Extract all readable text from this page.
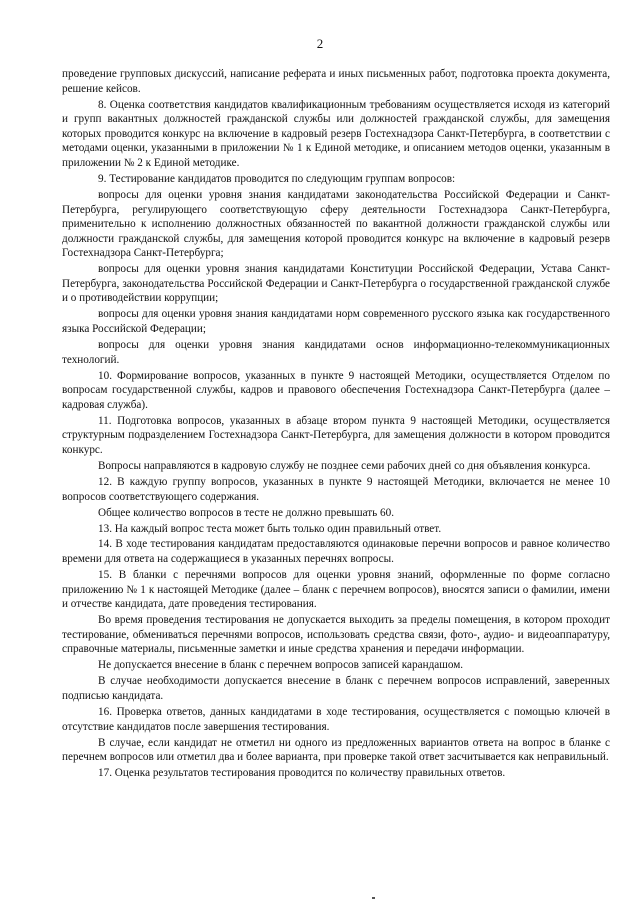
2

проведение групповых дискуссий, написание реферата и иных письменных работ, подготовка проекта документа, решение кейсов.

8. Оценка соответствия кандидатов квалификационным требованиям осуществляется исходя из категорий и групп вакантных должностей гражданской службы или должностей гражданской службы, для замещения которых проводится конкурс на включение в кадровый резерв Гостехнадзора Санкт-Петербурга, в соответствии с методами оценки, указанными в приложении № 1 к Единой методике, и описанием методов оценки, указанным в приложении № 2 к Единой методике.

9. Тестирование кандидатов проводится по следующим группам вопросов:

вопросы для оценки уровня знания кандидатами законодательства Российской Федерации и Санкт-Петербурга, регулирующего соответствующую сферу деятельности Гостехнадзора Санкт-Петербурга, применительно к исполнению должностных обязанностей по вакантной должности гражданской службы или должности гражданской службы, для замещения которой проводится конкурс на включение в кадровый резерв Гостехнадзора Санкт-Петербурга;

вопросы для оценки уровня знания кандидатами Конституции Российской Федерации, Устава Санкт-Петербурга, законодательства Российской Федерации и Санкт-Петербурга о государственной гражданской службе и о противодействии коррупции;

вопросы для оценки уровня знания кандидатами норм современного русского языка как государственного языка Российской Федерации;

вопросы для оценки уровня знания кандидатами основ информационно-телекоммуникационных технологий.

10. Формирование вопросов, указанных в пункте 9 настоящей Методики, осуществляется Отделом по вопросам государственной службы, кадров и правового обеспечения Гостехнадзора Санкт-Петербурга (далее – кадровая служба).

11. Подготовка вопросов, указанных в абзаце втором пункта 9 настоящей Методики, осуществляется структурным подразделением Гостехнадзора Санкт-Петербурга, для замещения должности в котором проводится конкурс.

Вопросы направляются в кадровую службу не позднее семи рабочих дней со дня объявления конкурса.

12. В каждую группу вопросов, указанных в пункте 9 настоящей Методики, включается не менее 10 вопросов соответствующего содержания.

Общее количество вопросов в тесте не должно превышать 60.

13. На каждый вопрос теста может быть только один правильный ответ.

14. В ходе тестирования кандидатам предоставляются одинаковые перечни вопросов и равное количество времени для ответа на содержащиеся в указанных перечнях вопросы.

15. В бланки с перечнями вопросов для оценки уровня знаний, оформленные по форме согласно приложению № 1 к настоящей Методике (далее – бланк с перечнем вопросов), вносятся записи о фамилии, имени и отчестве кандидата, дате проведения тестирования.

Во время проведения тестирования не допускается выходить за пределы помещения, в котором проходит тестирование, обмениваться перечнями вопросов, использовать средства связи, фото-, аудио- и видеоаппаратуру, справочные материалы, письменные заметки и иные средства хранения и передачи информации.

Не допускается внесение в бланк с перечнем вопросов записей карандашом.

В случае необходимости допускается внесение в бланк с перечнем вопросов исправлений, заверенных подписью кандидата.

16. Проверка ответов, данных кандидатами в ходе тестирования, осуществляется с помощью ключей в отсутствие кандидатов после завершения тестирования.

В случае, если кандидат не отметил ни одного из предложенных вариантов ответа на вопрос в бланке с перечнем вопросов или отметил два и более варианта, при проверке такой ответ засчитывается как неправильный.

17. Оценка результатов тестирования проводится по количеству правильных ответов.
